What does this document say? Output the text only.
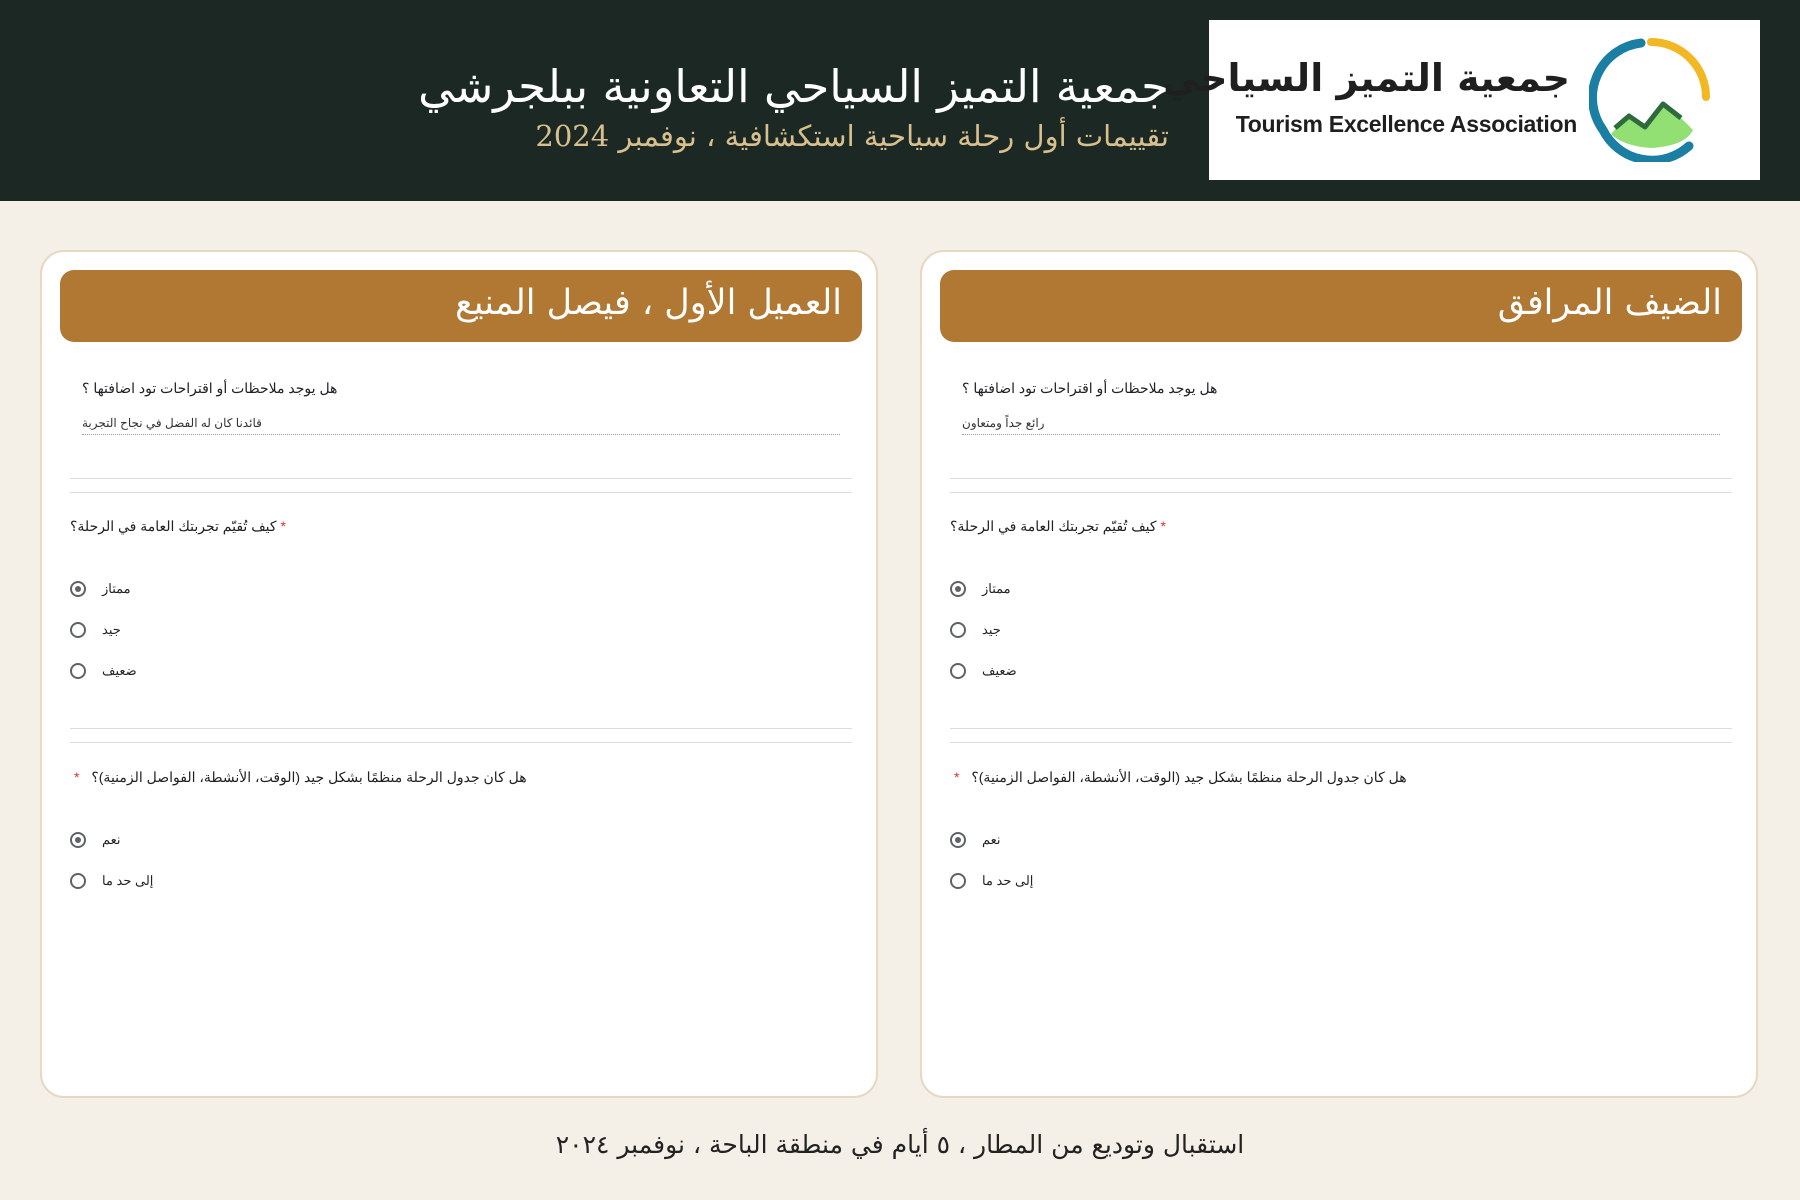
جمعية التميز السياحي
Tourism Excellence Association
جمعية التميز السياحي التعاونية ببلجرشي
تقييمات أول رحلة سياحية استكشافية ، نوفمبر 2024
العميل الأول ، فيصل المنيع
هل يوجد ملاحظات أو اقتراحات تود اضافتها ؟
قائدنا كان له الفضل في نجاح التجربة
* كيف تُقيّم تجربتك العامة في الرحلة؟
ممتاز
جيد
ضعيف
هل كان جدول الرحلة منظمًا بشكل جيد (الوقت، الأنشطة، الفواصل الزمنية)؟ *
نعم
إلى حد ما
الضيف المرافق
هل يوجد ملاحظات أو اقتراحات تود اضافتها ؟
رائع جداً ومتعاون
* كيف تُقيّم تجربتك العامة في الرحلة؟
ممتاز
جيد
ضعيف
هل كان جدول الرحلة منظمًا بشكل جيد (الوقت، الأنشطة، الفواصل الزمنية)؟ *
نعم
إلى حد ما
استقبال وتوديع من المطار ، ٥ أيام في منطقة الباحة ، نوفمبر ٢٠٢٤
